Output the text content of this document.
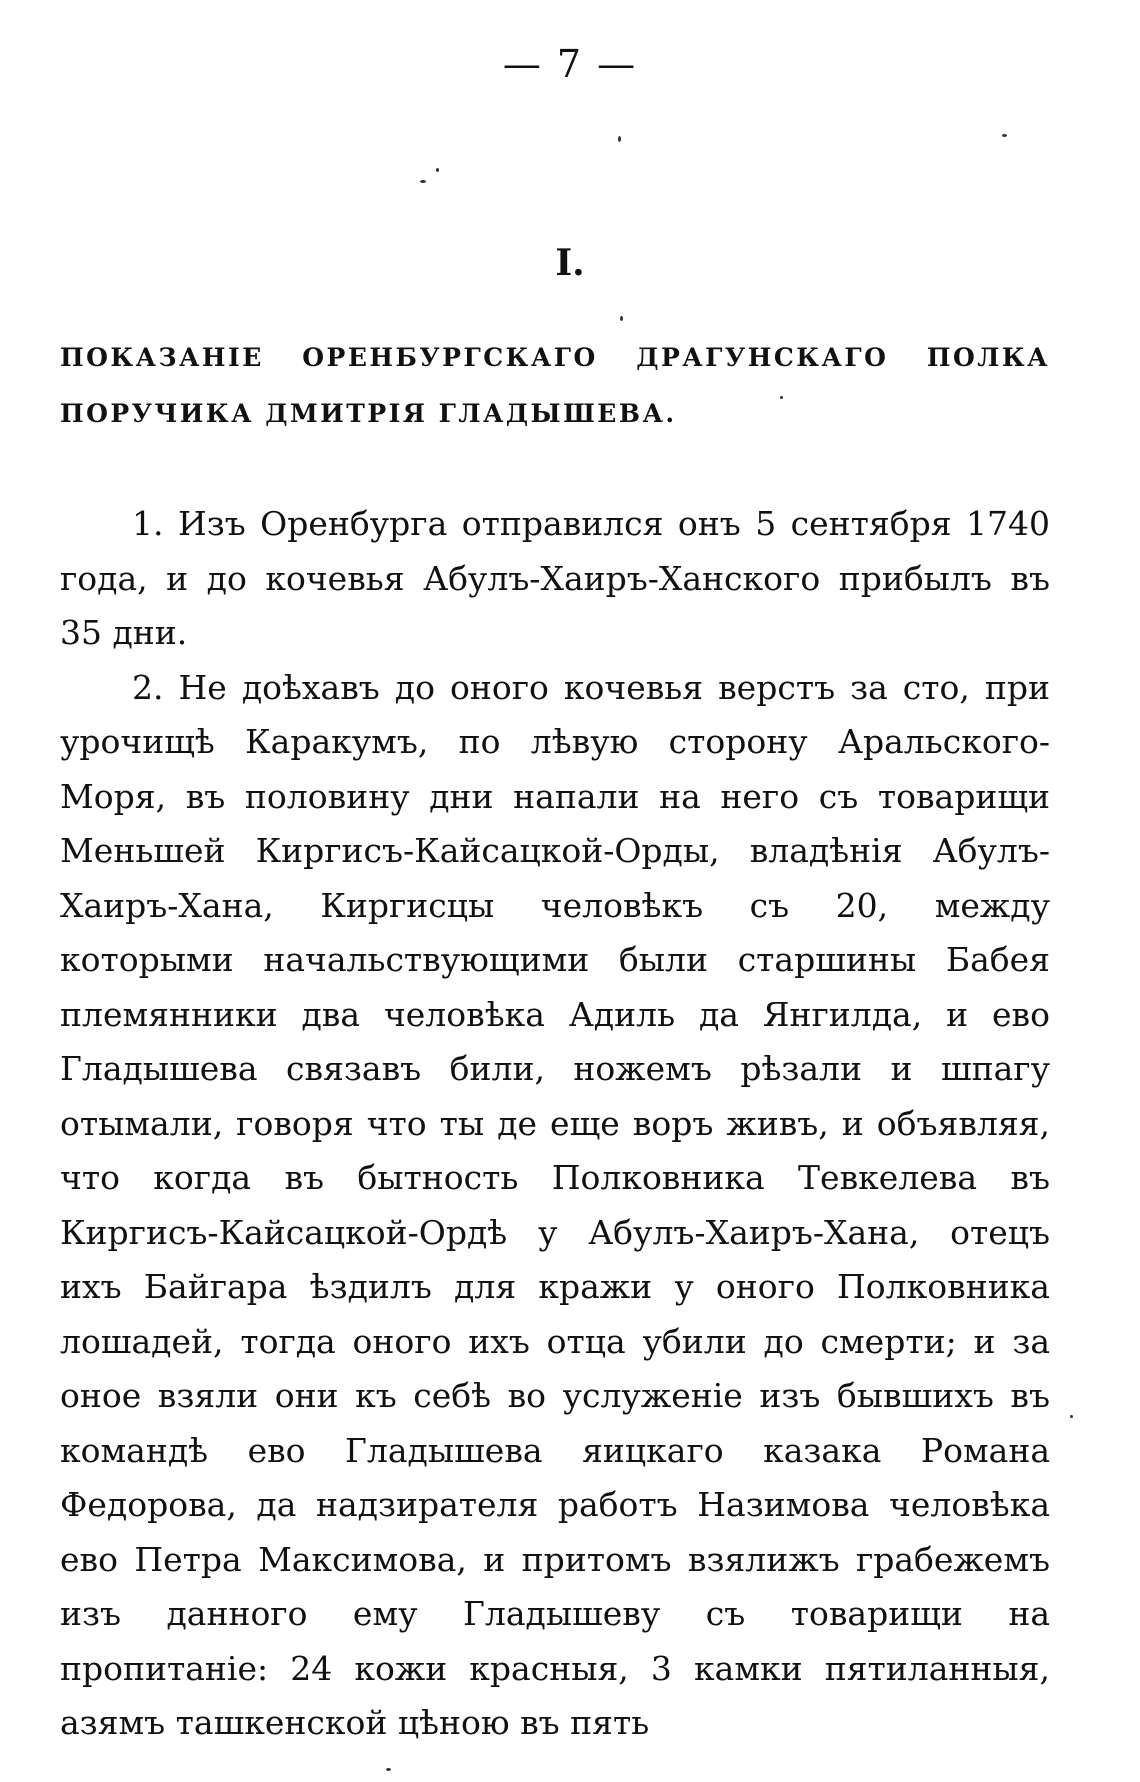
— 7 —
I.
ПОКАЗАНІЕ ОРЕНБУРГСКАГО ДРАГУНСКАГО ПОЛКА ПОРУЧИКА ДМИТРІЯ ГЛАДЫШЕВА.

1. Изъ Оренбурга отправился онъ 5 сентября 1740 года, и до кочевья Абулъ-Хаиръ-Ханского прибылъ въ 35 дни.

2. Не доѣхавъ до оного кочевья верстъ за сто, при урочищѣ Каракумъ, по лѣвую сторону Аральского-Моря, въ половину дни напали на него съ товарищи Меньшей Киргисъ-Кайсацкой-Орды, владѣнія Абулъ-Хаиръ-Хана, Киргисцы человѣкъ съ 20, между которыми начальствующими были старшины Бабея племянники два человѣка Адиль да Янгилда, и ево Гладышева связавъ били, ножемъ рѣзали и шпагу отымали, говоря что ты де еще воръ живъ, и объявляя, что когда въ бытность Полковника Тевкелева въ Киргисъ-Кайсацкой-Ордѣ у Абулъ-Хаиръ-Хана, отецъ ихъ Байгара ѣздилъ для кражи у оного Полковника лошадей, тогда оного ихъ отца убили до смерти; и за оное взяли они къ себѣ во услуженіе изъ бывшихъ въ командѣ ево Гладышева яицкаго казака Романа Федорова, да надзирателя работъ Назимова человѣка ево Петра Максимова, и притомъ взялижъ грабежемъ изъ данного ему Гладышеву съ товарищи на пропитаніе: 24 кожи красныя, 3 камки пятиланныя, азямъ ташкенской цѣною въ пять
